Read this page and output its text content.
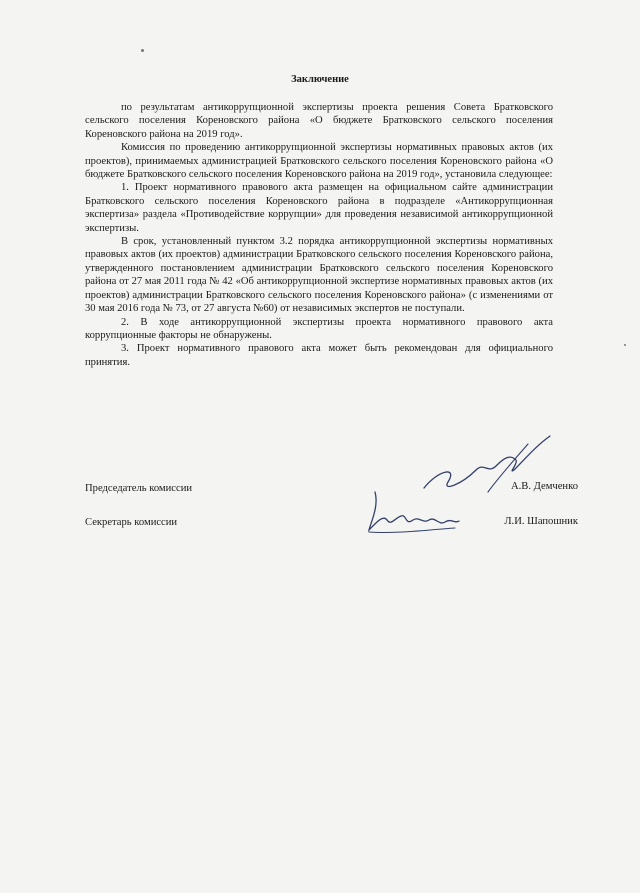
Заключение

по результатам антикоррупционной экспертизы проекта решения Совета Братковского сельского поселения Кореновского района «О бюджете Братковского сельского поселения Кореновского района на 2019 год».

Комиссия по проведению антикоррупционной экспертизы нормативных правовых актов (их проектов), принимаемых администрацией Братковского сельского поселения Кореновского района «О бюджете Братковского сельского поселения Кореновского района на 2019 год», установила следующее:

1. Проект нормативного правового акта размещен на официальном сайте администрации Братковского сельского поселения Кореновского района в подразделе «Антикоррупционная экспертиза» раздела «Противодействие коррупции» для проведения независимой антикоррупционной экспертизы.

В срок, установленный пунктом 3.2 порядка антикоррупционной экспертизы нормативных правовых актов (их проектов) администрации Братковского сельского поселения Кореновского района, утвержденного постановлением администрации Братковского сельского поселения Кореновского района от 27 мая 2011 года № 42 «Об антикоррупционной экспертизе нормативных правовых актов (их проектов) администрации Братковского сельского поселения Кореновского района» (с изменениями от 30 мая 2016 года № 73, от 27 августа №60) от независимых экспертов не поступали.

2. В ходе антикоррупционной экспертизы проекта нормативного правового акта коррупционные факторы не обнаружены.

3. Проект нормативного правового акта может быть рекомендован для официального принятия.

Председатель комиссии	А.В. Демченко
Секретарь комиссии	Л.И. Шапошник
